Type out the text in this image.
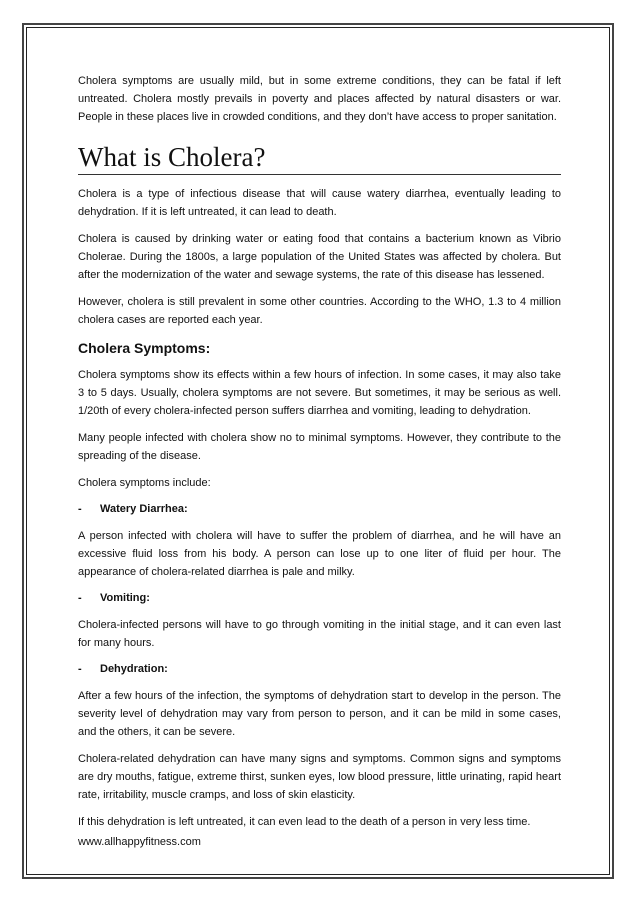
Cholera symptoms are usually mild, but in some extreme conditions, they can be fatal if left untreated. Cholera mostly prevails in poverty and places affected by natural disasters or war. People in these places live in crowded conditions, and they don’t have access to proper sanitation.

What is Cholera?

Cholera is a type of infectious disease that will cause watery diarrhea, eventually leading to dehydration. If it is left untreated, it can lead to death.

Cholera is caused by drinking water or eating food that contains a bacterium known as Vibrio Cholerae. During the 1800s, a large population of the United States was affected by cholera. But after the modernization of the water and sewage systems, the rate of this disease has lessened.

However, cholera is still prevalent in some other countries. According to the WHO, 1.3 to 4 million cholera cases are reported each year.

Cholera Symptoms:

Cholera symptoms show its effects within a few hours of infection. In some cases, it may also take 3 to 5 days. Usually, cholera symptoms are not severe. But sometimes, it may be serious as well. 1/20th of every cholera-infected person suffers diarrhea and vomiting, leading to dehydration.

Many people infected with cholera show no to minimal symptoms. However, they contribute to the spreading of the disease.

Cholera symptoms include:

-	Watery Diarrhea:

A person infected with cholera will have to suffer the problem of diarrhea, and he will have an excessive fluid loss from his body. A person can lose up to one liter of fluid per hour. The appearance of cholera-related diarrhea is pale and milky.

-	Vomiting:

Cholera-infected persons will have to go through vomiting in the initial stage, and it can even last for many hours.

-	Dehydration:

After a few hours of the infection, the symptoms of dehydration start to develop in the person. The severity level of dehydration may vary from person to person, and it can be mild in some cases, and the others, it can be severe.

Cholera-related dehydration can have many signs and symptoms. Common signs and symptoms are dry mouths, fatigue, extreme thirst, sunken eyes, low blood pressure, little urinating, rapid heart rate, irritability, muscle cramps, and loss of skin elasticity.

If this dehydration is left untreated, it can even lead to the death of a person in very less time.

www.allhappyfitness.com
